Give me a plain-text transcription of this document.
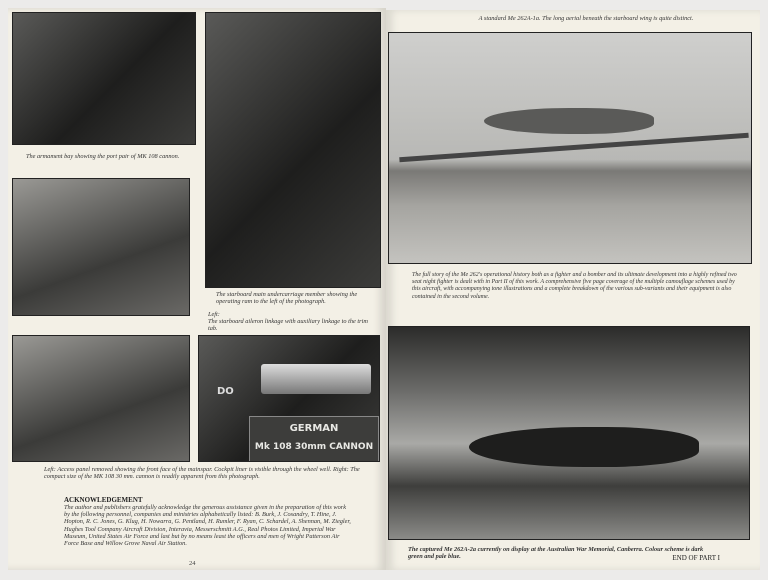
The armament bay showing the port pair of MK 108 cannon.
The starboard main undercarriage member showing the operating ram to the left of the photograph.
Left:
The starboard aileron linkage with auxiliary linkage to the trim tab.
DO
GERMAN
Mk 108 30mm CANNON
Left: Access panel removed showing the front face of the mainspar. Cockpit liner is visible through the wheel well. Right: The compact size of the MK 108 30 mm. cannon is readily apparent from this photograph.
ACKNOWLEDGEMENT
The author and publishers gratefully acknowledge the generous assistance given in the preparation of this work by the following personnel, companies and ministries alphabetically listed: B. Burk, J. Cosandry, T. Hine, J. Hopton, R. C. Jones, G. Klug, H. Nowarra, G. Pentland, H. Rumler, F. Ryan, C. Schardel, A. Shennan, M. Ziegler, Hughes Tool Company Aircraft Division, Interavia, Messerschmitt A.G., Real Photos Limited, Imperial War Museum, United States Air Force and last but by no means least the officers and men of Wright Patterson Air Force Base and Willow Grove Naval Air Station.
24
A standard Me 262A-1a. The long aerial beneath the starboard wing is quite distinct.
The full story of the Me 262's operational history both as a fighter and a bomber and its ultimate development into a highly refined two seat night fighter is dealt with in Part II of this work. A comprehensive five page coverage of the multiple camouflage schemes used by this aircraft, with accompanying tone illustrations and a complete breakdown of the various sub-variants and their equipment is also contained in the second volume.
The captured Me 262A-2a currently on display at the Australian War Memorial, Canberra. Colour scheme is dark green and pale blue.	END OF PART I
